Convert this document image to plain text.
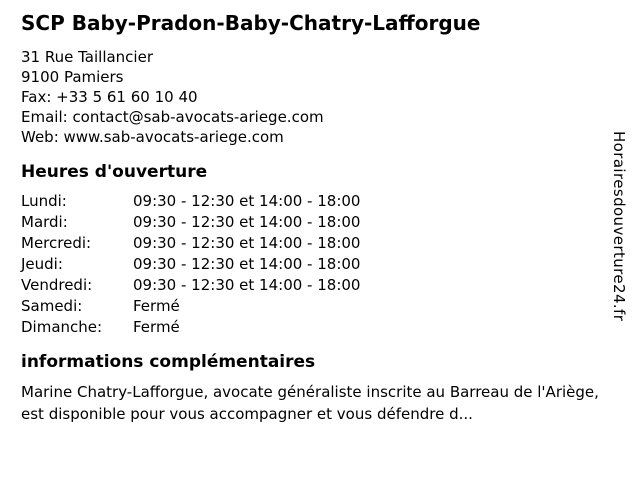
SCP Baby-Pradon-Baby-Chatry-Lafforgue
31 Rue Taillancier
9100 Pamiers
Fax: +33 5 61 60 10 40
Email: contact@sab-avocats-ariege.com
Web: www.sab-avocats-ariege.com
Heures d'ouverture
Lundi:	09:30 - 12:30 et 14:00 - 18:00
Mardi:	09:30 - 12:30 et 14:00 - 18:00
Mercredi:	09:30 - 12:30 et 14:00 - 18:00
Jeudi:	09:30 - 12:30 et 14:00 - 18:00
Vendredi:	09:30 - 12:30 et 14:00 - 18:00
Samedi:	Fermé
Dimanche:	Fermé
informations complémentaires

Marine Chatry-Lafforgue, avocate généraliste inscrite au Barreau de l'Ariège, est disponible pour vous accompagner et vous défendre d...

Horairesdouverture24.fr
